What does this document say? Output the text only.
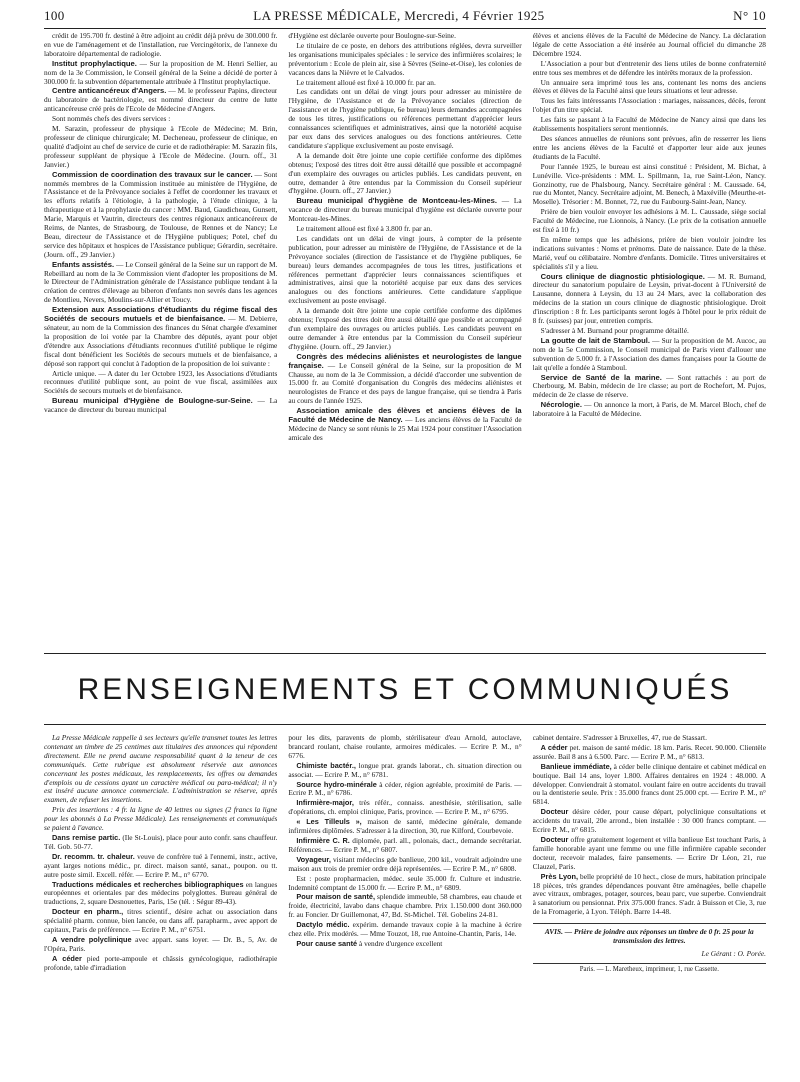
100	LA PRESSE MÉDICALE, Mercredi, 4 Février 1925	N° 10

crédit de 195.700 fr. destiné à être adjoint au crédit déjà prévu de 300.000 fr. en vue de l'aménagement et de l'installation, rue Vercingétorix, de l'annexe du laboratoire départemental de radiologie.

Institut prophylactique. — Sur la proposition de M. Henri Sellier, au nom de la 3e Commission, le Conseil général de la Seine a décidé de porter à 300.000 fr. la subvention départementale attribuée à l'Institut prophylactique.

Centre anticancéreux d'Angers. — M. le professeur Papins, directeur du laboratoire de bactériologie, est nommé directeur du centre de lutte anticancéreuse créé près de l'Ecole de Médecine d'Angers.

Sont nommés chefs des divers services :

M. Sarazin, professeur de physique à l'Ecole de Médecine; M. Brin, professeur de clinique chirurgicale; M. Decheneau, professeur de clinique, en qualité d'adjoint au chef de service de curie et de radiothérapie: M. Sarazin fils, professeur suppléant de physique à l'Ecole de Médecine. (Journ. off., 31 Janvier.)

Commission de coordination des travaux sur le cancer. — Sont nommés membres de la Commission instituée au ministère de l'Hygiène, de l'Assistance et de la Prévoyance sociales à l'effet de coordonner les travaux et les efforts relatifs à l'étiologie, à la pathologie, à l'étude clinique, à la thérapeutique et à la prophylaxie du cancer : MM. Baud, Gaudicheau, Gunsett, Marie, Marquis et Vautrin, directeurs des centres régionaux anticancéreux de Reims, de Nantes, de Strasbourg, de Toulouse, de Rennes et de Nancy; Le Beau, directeur de l'Assistance et de l'Hygiène publiques; Potel, chef du service des hôpitaux et hospices de l'Assistance publique; Gérardin, secrétaire. (Journ. off., 29 Janvier.)

Enfants assistés. — Le Conseil général de la Seine sur un rapport de M. Rebeillard au nom de la 3e Commission vient d'adopter les propositions de M. le Directeur de l'Administration générale de l'Assistance publique tendant à la création de centres d'élevage au biberon d'enfants non sevrés dans les agences de Montlieu, Nevers, Moulins-sur-Allier et Toucy.

Extension aux Associations d'étudiants du régime fiscal des Sociétés de secours mutuels et de bienfaisance. — M. Debierre, sénateur, au nom de la Commission des finances du Sénat chargée d'examiner la proposition de loi votée par la Chambre des députés, ayant pour objet d'étendre aux Associations d'étudiants reconnues d'utilité publique le régime fiscal dont bénéficient les Sociétés de secours mutuels et de bienfaisance, a déposé son rapport qui conclut à l'adoption de la proposition de loi suivante :

Article unique. — A dater du 1er Octobre 1923, les Associations d'étudiants reconnues d'utilité publique sont, au point de vue fiscal, assimilées aux Sociétés de secours mutuels et de bienfaisance.

Bureau municipal d'Hygiène de Boulogne-sur-Seine. — La vacance de directeur du bureau municipal

d'Hygiène est déclarée ouverte pour Boulogne-sur-Seine.

Le titulaire de ce poste, en dehors des attributions réglées, devra surveiller les organisations municipales spéciales : le service des infirmières scolaires; le préventorium : Ecole de plein air, sise à Sèvres (Seine-et-Oise), les colonies de vacances dans la Nièvre et le Calvados.

Le traitement alloué est fixé à 10.000 fr. par an.

Les candidats ont un délai de vingt jours pour adresser au ministère de l'Hygiène, de l'Assistance et de la Prévoyance sociales (direction de l'assistance et de l'hygiène publique, 6e bureau) leurs demandes accompagnées de tous les titres, justifications ou références permettant d'apprécier leurs connaissances scientifiques et administratives, ainsi que la notoriété acquise par eux dans des services analogues ou des fonctions antérieures. Cette candidature s'applique exclusivement au poste envisagé.

A la demande doit être jointe une copie certifiée conforme des diplômes obtenus; l'exposé des titres doit être aussi détaillé que possible et accompagné d'un exemplaire des ouvrages ou articles publiés. Les candidats peuvent, en outre, demander à être entendus par la Commission du Conseil supérieur d'hygiène. (Journ. off., 27 Janvier.)

Bureau municipal d'hygiène de Montceau-les-Mines. — La vacance de directeur du bureau municipal d'hygiène est déclarée ouverte pour Montceau-les-Mines.

Le traitement alloué est fixé à 3.800 fr. par an.

Les candidats ont un délai de vingt jours, à compter de la présente publication, pour adresser au ministère de l'Hygiène, de l'Assistance et de la Prévoyance sociales (direction de l'assistance et de l'hygiène publiques, 6e bureau) leurs demandes accompagnées de tous les titres, justifications et références permettant d'apprécier leurs connaissances scientifiques et administratives, ainsi que la notoriété acquise par eux dans des services analogues ou des fonctions antérieures. Cette candidature s'applique exclusivement au poste envisagé.

A la demande doit être jointe une copie certifiée conforme des diplômes obtenus; l'exposé des titres doit être aussi détaillé que possible et accompagné d'un exemplaire des ouvrages ou articles publiés. Les candidats peuvent en outre demander à être entendus par la Commission du Conseil supérieur d'hygiène. (Journ. off., 29 Janvier.)

Congrès des médecins aliénistes et neurologistes de langue française. — Le Conseil général de la Seine, sur la proposition de M Chausse, au nom de la 3e Commission, a décidé d'accorder une subvention de 15.000 fr. au Comité d'organisation du Congrès des médecins aliénistes et neurologistes de France et des pays de langue française, qui se tiendra à Paris au cours de l'année 1925.

Association amicale des élèves et anciens élèves de la Faculté de Médecine de Nancy. — Les anciens élèves de la Faculté de Médecine de Nancy se sont réunis le 25 Mai 1924 pour constituer l'Association amicale des

élèves et anciens élèves de la Faculté de Médecine de Nancy. La déclaration légale de cette Association a été insérée au Journal officiel du dimanche 28 Décembre 1924.

L'Association a pour but d'entretenir des liens utiles de bonne confraternité entre tous ses membres et de défendre les intérêts moraux de la profession.

Un annuaire sera imprimé tous les ans, contenant les noms des anciens élèves et élèves de la Faculté ainsi que leurs situations et leur adresse.

Tous les faits intéressants l'Association : mariages, naissances, décès, feront l'objet d'un titre spécial.

Les faits se passant à la Faculté de Médecine de Nancy ainsi que dans les établissements hospitaliers seront mentionnés.

Des séances annuelles de réunions sont prévues, afin de resserrer les liens entre les anciens élèves de la Faculté et d'apporter leur aide aux jeunes étudiants de la Faculté.

Pour l'année 1925, le bureau est ainsi constitué : Président, M. Bichat, à Lunéville. Vice-présidents : MM. L. Spillmann, 1a, rue Saint-Léon, Nancy. Gonzinotty, rue de Phalsbourg, Nancy. Secrétaire général : M. Caussade. 64, rue du Montet, Nancy. Secrétaire adjoint, M. Benech, à Maxéville (Meurthe-et-Moselle). Trésorier : M. Bonnet, 72, rue du Faubourg-Saint-Jean, Nancy.

Prière de bien vouloir envoyer les adhésions à M. L. Caussade, siège social Faculté de Médecine, rue Lionnois, à Nancy. (Le prix de la cotisation annuelle est fixé à 10 fr.)

En même temps que les adhésions, prière de bien vouloir joindre les indications suivantes : Noms et prénoms. Date de naissance. Date de la thèse. Marié, veuf ou célibataire. Nombre d'enfants. Domicile. Titres universitaires et spécialités s'il y a lieu.

Cours clinique de diagnostic phtisiologique. — M. R. Burnand, directeur du sanatorium populaire de Leysin, privat-docent à l'Université de Lausanne, donnera à Leysin, du 13 au 24 Mars, avec la collaboration des médecins de la station un cours clinique de diagnostic phtisiologique. Droit d'inscription : 8 fr. Les participants seront logés à l'hôtel pour le prix réduit de 8 fr. (suisses) par jour, entretien compris.

S'adresser à M. Burnand pour programme détaillé.

La goutte de lait de Stamboul. — Sur la proposition de M. Aucoc, au nom de la 5e Commission, le Conseil municipal de Paris vient d'allouer une subvention de 5.000 fr. à l'Association des dames françaises pour la Goutte de lait qu'elle a fondée à Stamboul.

Service de Santé de la marine. — Sont rattachés : au port de Cherbourg, M. Babin, médecin de 1re classe; au port de Rochefort, M. Pujos, médecin de 2e classe de réserve.

Nécrologie. — On annonce la mort, à Paris, de M. Marcel Bloch, chef de laboratoire à la Faculté de Médecine.

RENSEIGNEMENTS ET COMMUNIQUÉS

La Presse Médicale rappelle à ses lecteurs qu'elle transmet toutes les lettres contenant un timbre de 25 centimes aux titulaires des annonces qui répondent directement. Elle ne prend aucune responsabilité quant à la teneur de ces communiqués. Cette rubrique est absolument réservée aux annonces concernant les postes médicaux, les remplacements, les offres ou demandes d'emplois ou de cessions ayant un caractère médical ou para-médical; il n'y est inséré aucune annonce commerciale. L'administration se réserve, après examen, de refuser les insertions.

Prix des insertions : 4 fr. la ligne de 40 lettres ou signes (2 francs la ligne pour les abonnés à La Presse Médicale). Les renseignements et communiqués se paient à l'avance.

Dans remise partic. (Ile St-Louis), place pour auto confr. sans chauffeur. Tél. Gob. 50-77.

Dr. recomm. tr. chaleur. veuve de confrère tué à l'ennemi, instr., active, ayant larges notions médic., pr. direct. maison santé, sanat., poupon. ou tt. autre poste simil. Excell. référ. — Ecrire P. M., n° 6770.

Traductions médicales et recherches bibliographiques en langues européennes et orientales par des médecins polyglottes. Bureau général de traductions, 2, square Desnouettes, Paris, 15e (tél. : Ségur 89-43).

Docteur en pharm., titres scientif., désire achat ou association dans spécialité pharm. connue, bien lancée, ou dans aff. parapharm., avec apport de capitaux, Paris de préférence. — Ecrire P. M., n° 6751.

A vendre polyclinique avec appart. sans loyer. — Dr. B., 5, Av. de l'Opéra, Paris.

A céder pied porte-ampoule et châssis gynécologique, radiothérapie profonde, table d'irradiation

pour les dits, paravents de plomb, stérilisateur d'eau Arnold, autoclave, brancard roulant, chaise roulante, armoires médicales. — Ecrire P. M., n° 6776.

Chimiste bactér., longue prat. grands laborat., ch. situation direction ou associat. — Ecrire P. M., n° 6781.

Source hydro-minérale à céder, région agréable, proximité de Paris. — Ecrire P. M., n° 6786.

Infirmière-major, très référ., connaiss. anesthésie, stérilisation, salle d'opérations, ch. emploi clinique, Paris, province. — Ecrire P. M., n° 6795.

« Les Tilleuls », maison de santé, médecine générale, demande infirmières diplômées. S'adresser à la direction, 30, rue Kilford, Courbevoie.

Infirmière C. R. diplomée, parl. all., polonais, dact., demande secrétariat. Références. — Ecrire P. M., n° 6807.

Voyageur, visitant médecins gde banlieue, 200 kil., voudrait adjoindre une maison aux trois de premier ordre déjà représentées. — Ecrire P. M., n° 6808.

Est : poste propharmacien, médec. seule 35.000 fr. Culture et industrie. Indemnité comptant de 15.000 fr. — Ecrire P. M., n° 6809.

Pour maison de santé, splendide immeuble, 58 chambres, eau chaude et froide, électricité, lavabo dans chaque chambre. Prix 1.150.000 dont 360.000 fr. au Foncier. Dr Guillemonat, 47, Bd. St-Michel. Tél. Gobelins 24-81.

Dactylo médic. expérim. demande travaux copie à la machine à écrire chez elle. Prix modérés. — Mme Touzot, 18, rue Antoine-Chantin, Paris, 14e.

Pour cause santé à vendre d'urgence excellent

cabinet dentaire. S'adresser à Bruxelles, 47, rue de Stassart.

A céder pet. maison de santé médic. 18 km. Paris. Recet. 90.000. Clientèle assurée. Bail 8 ans à 6.500. Parc. — Ecrire P. M., n° 6813.

Banlieue immédiate, à céder belle clinique dentaire et cabinet médical en boutique. Bail 14 ans, loyer 1.800. Affaires dentaires en 1924 : 48.000. A développer. Conviendrait à stomatol. voulant faire en outre accidents du travail ou la dentisterie seule. Prix : 35.000 francs dont 25.000 cpt. — Ecrire P. M., n° 6814.

Docteur désire céder, pour cause départ, polyclinique consultations et accidents du travail, 20e arrond., bien installée : 30 000 francs comptant. — Ecrire P. M., n° 6815.

Docteur offre gratuitement logement et villa banlieue Est touchant Paris, à famille honorable ayant une femme ou une fille infirmière capable seconder docteur, recevoir malades, faire pansements. — Ecrire Dr Léon, 21, rue Clauzel, Paris.

Près Lyon, belle propriété de 10 hect., close de murs, habitation principale 18 pièces, très grandes dépendances pouvant être aménagées, belle chapelle avec vitraux, ombrages, potager, sources, beau parc, vue superbe. Conviendrait à sanatorium ou pensionnat. Prix 375.000 francs. S'adr. à Buisson et Cie, 3, rue de la Fromagerie, à Lyon. Téléph. Barre 14-48.

AVIS. — Prière de joindre aux réponses un timbre de 0 fr. 25 pour la transmission des lettres.
Le Gérant : O. Porée.
Paris. — L. Maretheux, imprimeur, 1, rue Cassette.
